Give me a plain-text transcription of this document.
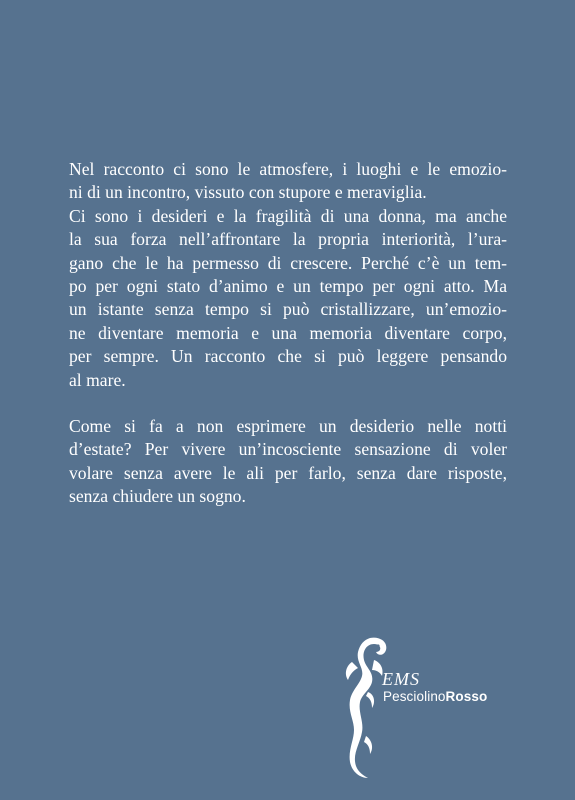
Nel racconto ci sono le atmosfere, i luoghi e le emozio-
ni di un incontro, vissuto con stupore e meraviglia.
Ci sono i desideri e la fragilità di una donna, ma anche
la sua forza nell’affrontare la propria interiorità, l’ura-
gano che le ha permesso di crescere. Perché c’è un tem-
po per ogni stato d’animo e un tempo per ogni atto. Ma
un istante senza tempo si può cristallizzare, un’emozio-
ne diventare memoria e una memoria diventare corpo,
per sempre. Un racconto che si può leggere pensando
al mare.

Come si fa a non esprimere un desiderio nelle notti
d’estate? Per vivere un’incosciente sensazione di voler
volare senza avere le ali per farlo, senza dare risposte,
senza chiudere un sogno.

EMS
PesciolinoRosso
